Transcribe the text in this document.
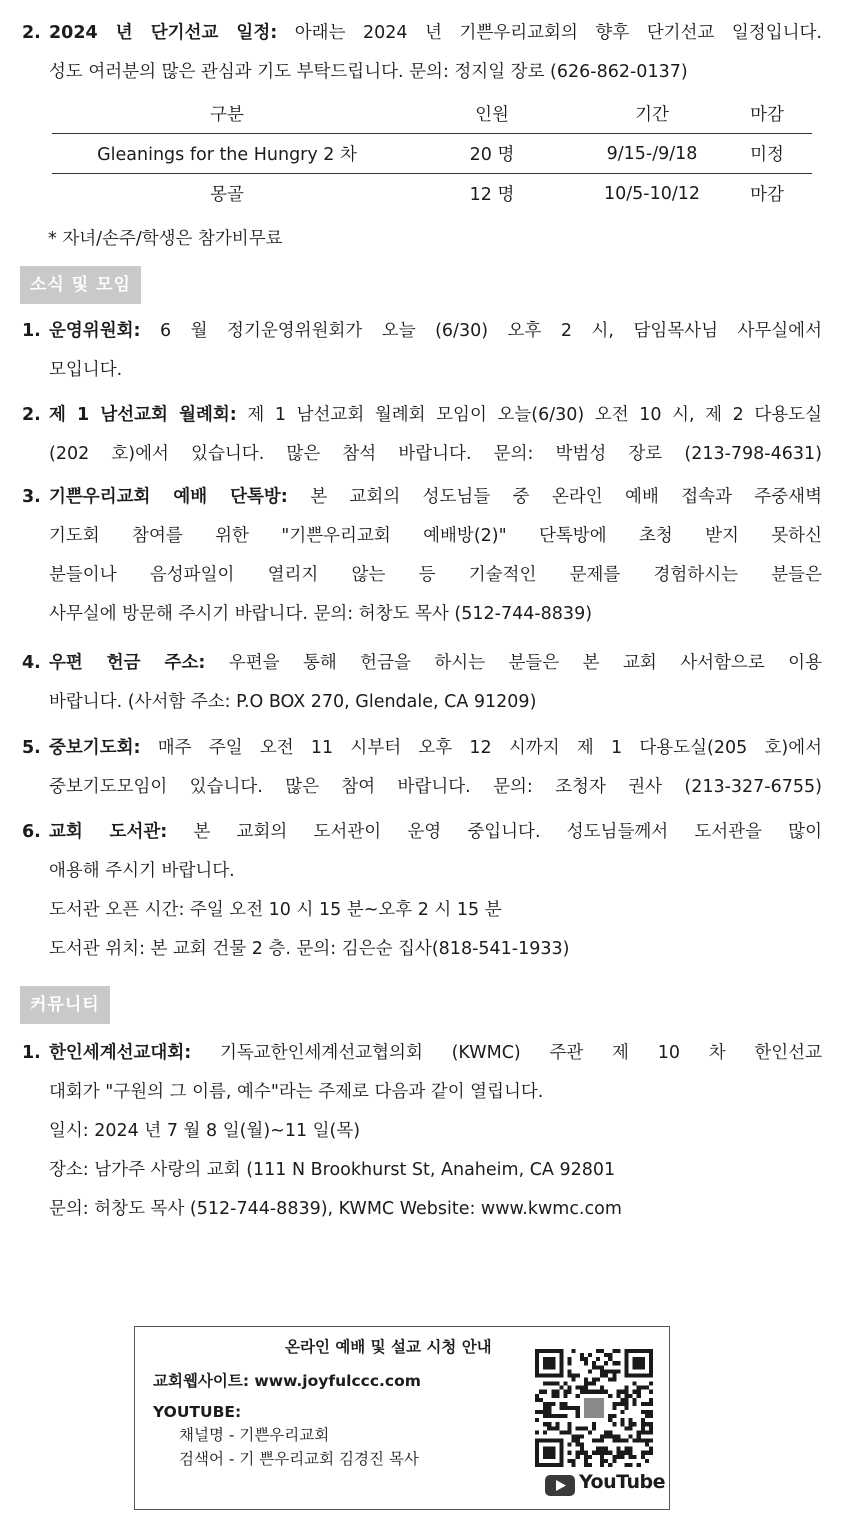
2. 2024 년 단기선교 일정: 아래는 2024 년 기쁜우리교회의 향후 단기선교 일정입니다.
성도 여러분의 많은 관심과 기도 부탁드립니다. 문의: 정지일 장로 (626-862-0137)
구분	인원	기간	마감
Gleanings for the Hungry 2 차	20 명	9/15-/9/18	미정
몽골	12 명	10/5-10/12	마감
* 자녀/손주/학생은 참가비무료
소식 및 모임
1. 운영위원회: 6 월 정기운영위원회가 오늘 (6/30) 오후 2 시, 담임목사님 사무실에서
모입니다.
2. 제 1 남선교회 월례회: 제 1 남선교회 월례회 모임이 오늘(6/30) 오전 10 시, 제 2 다용도실
(202 호)에서 있습니다. 많은 참석 바랍니다. 문의: 박범성 장로 (213-798-4631)
3. 기쁜우리교회 예배 단톡방: 본 교회의 성도님들 중 온라인 예배 접속과 주중새벽
기도회 참여를 위한 "기쁜우리교회 예배방(2)" 단톡방에 초청 받지 못하신
분들이나 음성파일이 열리지 않는 등 기술적인 문제를 경험하시는 분들은
사무실에 방문해 주시기 바랍니다. 문의: 허창도 목사 (512-744-8839)
4. 우편 헌금 주소: 우편을 통해 헌금을 하시는 분들은 본 교회 사서함으로 이용
바랍니다. (사서함 주소: P.O BOX 270, Glendale, CA 91209)
5. 중보기도회: 매주 주일 오전 11 시부터 오후 12 시까지 제 1 다용도실(205 호)에서
중보기도모임이 있습니다. 많은 참여 바랍니다. 문의: 조청자 권사 (213-327-6755)
6. 교회 도서관: 본 교회의 도서관이 운영 중입니다. 성도님들께서 도서관을 많이
애용해 주시기 바랍니다.
도서관 오픈 시간: 주일 오전 10 시 15 분~오후 2 시 15 분
도서관 위치: 본 교회 건물 2 층. 문의: 김은순 집사(818-541-1933)
커뮤니티
1. 한인세계선교대회: 기독교한인세계선교협의회 (KWMC) 주관 제 10 차 한인선교
대회가 "구원의 그 이름, 예수"라는 주제로 다음과 같이 열립니다.
일시: 2024 년 7 월 8 일(월)~11 일(목)
장소: 남가주 사랑의 교회 (111 N Brookhurst St, Anaheim, CA 92801
문의: 허창도 목사 (512-744-8839), KWMC Website: www.kwmc.com
온라인 예배 및 설교 시청 안내
교회웹사이트: www.joyfulccc.com
YOUTUBE:
채널명 - 기쁜우리교회
검색어 - 기 쁜우리교회 김경진 목사
YouTube
